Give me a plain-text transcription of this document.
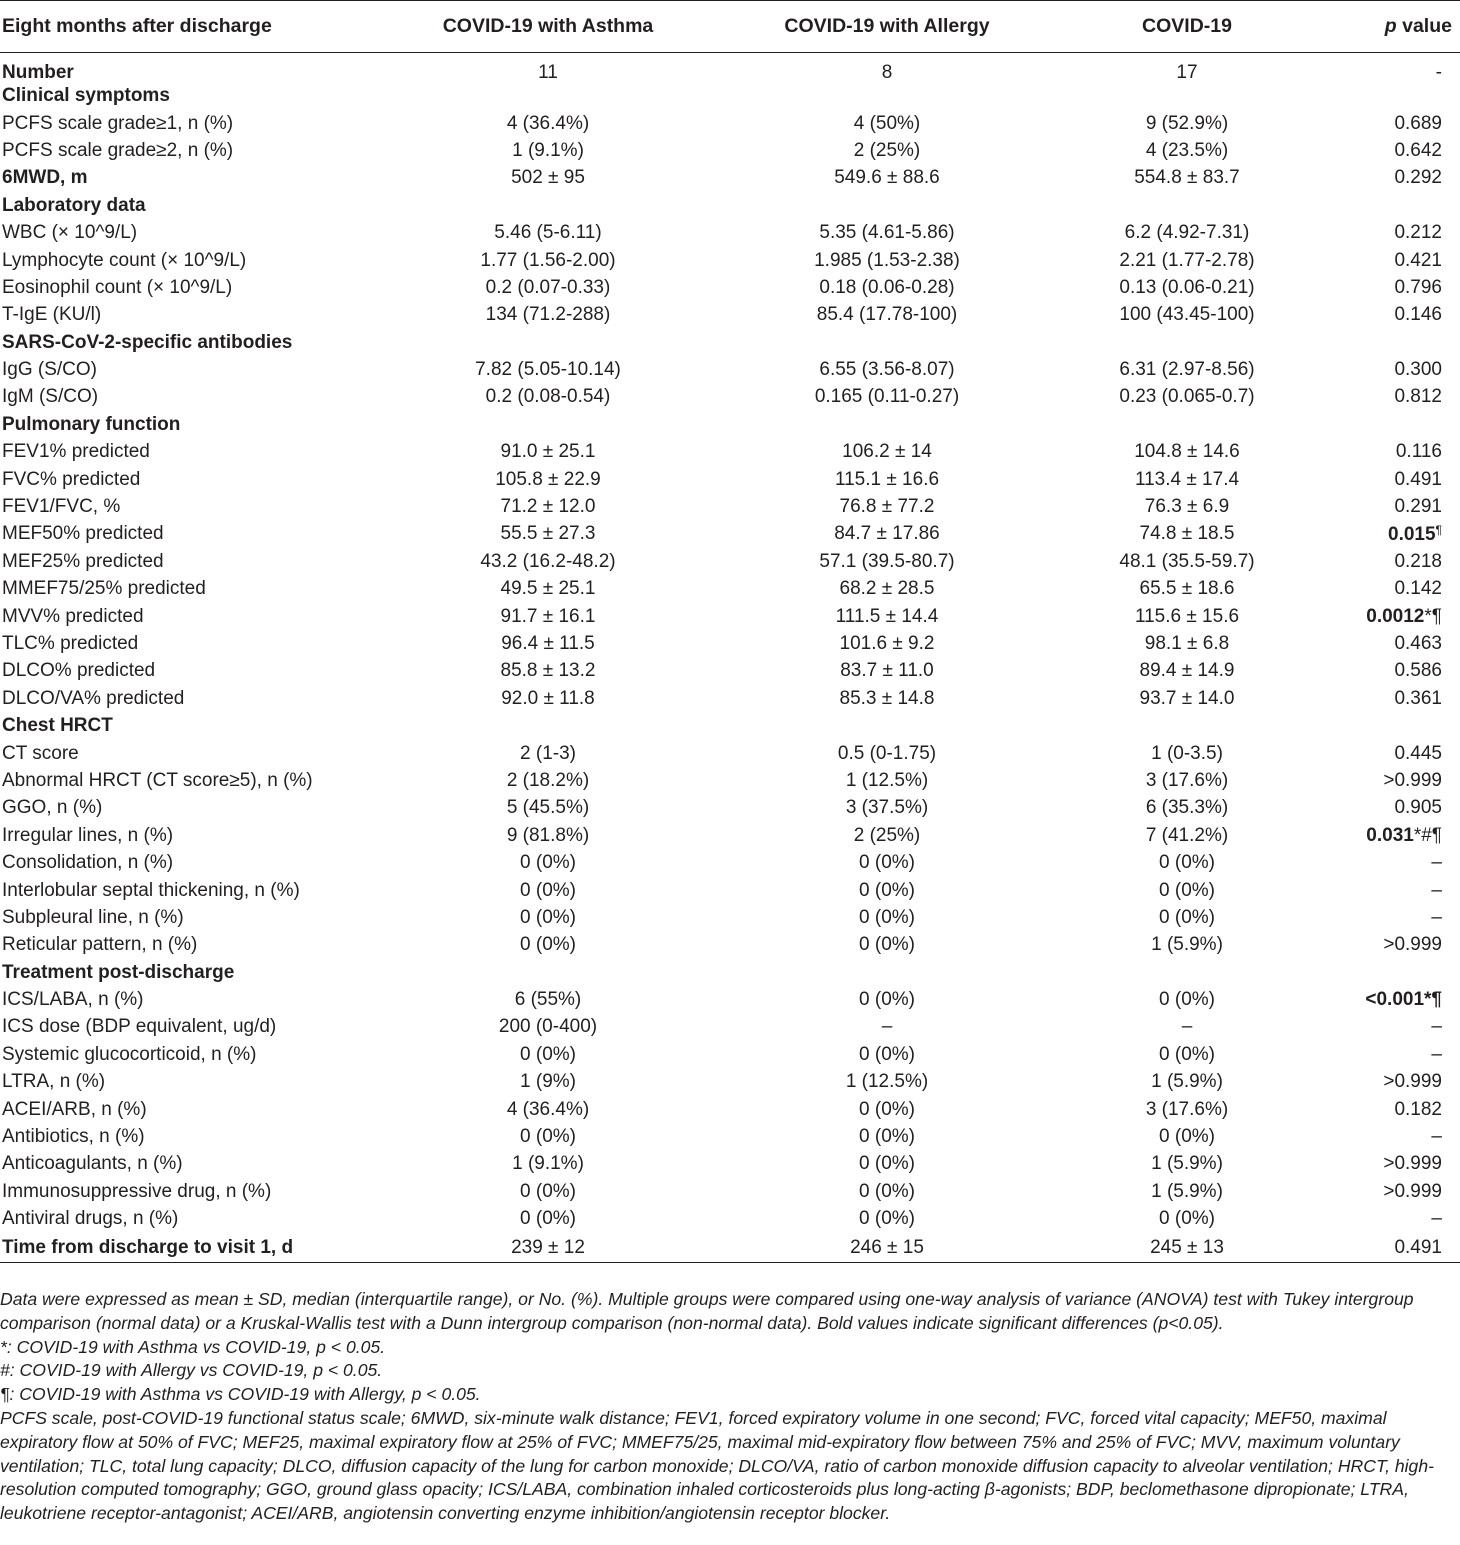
Eight months after discharge	COVID-19 with Asthma	COVID-19 with Allergy	COVID-19	p value
Number	11	8	17	-
Clinical symptoms				
PCFS scale grade≥1, n (%)	4 (36.4%)	4 (50%)	9 (52.9%)	0.689
PCFS scale grade≥2, n (%)	1 (9.1%)	2 (25%)	4 (23.5%)	0.642
6MWD, m	502 ± 95	549.6 ± 88.6	554.8 ± 83.7	0.292
Laboratory data				
WBC (× 10^9/L)	5.46 (5-6.11)	5.35 (4.61-5.86)	6.2 (4.92-7.31)	0.212
Lymphocyte count (× 10^9/L)	1.77 (1.56-2.00)	1.985 (1.53-2.38)	2.21 (1.77-2.78)	0.421
Eosinophil count (× 10^9/L)	0.2 (0.07-0.33)	0.18 (0.06-0.28)	0.13 (0.06-0.21)	0.796
T-IgE (KU/l)	134 (71.2-288)	85.4 (17.78-100)	100 (43.45-100)	0.146
SARS-CoV-2-specific antibodies				
IgG (S/CO)	7.82 (5.05-10.14)	6.55 (3.56-8.07)	6.31 (2.97-8.56)	0.300
IgM (S/CO)	0.2 (0.08-0.54)	0.165 (0.11-0.27)	0.23 (0.065-0.7)	0.812
Pulmonary function				
FEV1% predicted	91.0 ± 25.1	106.2 ± 14	104.8 ± 14.6	0.116
FVC% predicted	105.8 ± 22.9	115.1 ± 16.6	113.4 ± 17.4	0.491
FEV1/FVC, %	71.2 ± 12.0	76.8 ± 77.2	76.3 ± 6.9	0.291
MEF50% predicted	55.5 ± 27.3	84.7 ± 17.86	74.8 ± 18.5	0.015¶
MEF25% predicted	43.2 (16.2-48.2)	57.1 (39.5-80.7)	48.1 (35.5-59.7)	0.218
MMEF75/25% predicted	49.5 ± 25.1	68.2 ± 28.5	65.5 ± 18.6	0.142
MVV% predicted	91.7 ± 16.1	111.5 ± 14.4	115.6 ± 15.6	0.0012*¶
TLC% predicted	96.4 ± 11.5	101.6 ± 9.2	98.1 ± 6.8	0.463
DLCO% predicted	85.8 ± 13.2	83.7 ± 11.0	89.4 ± 14.9	0.586
DLCO/VA% predicted	92.0 ± 11.8	85.3 ± 14.8	93.7 ± 14.0	0.361
Chest HRCT				
CT score	2 (1-3)	0.5 (0-1.75)	1 (0-3.5)	0.445
Abnormal HRCT (CT score≥5), n (%)	2 (18.2%)	1 (12.5%)	3 (17.6%)	>0.999
GGO, n (%)	5 (45.5%)	3 (37.5%)	6 (35.3%)	0.905
Irregular lines, n (%)	9 (81.8%)	2 (25%)	7 (41.2%)	0.031*#¶
Consolidation, n (%)	0 (0%)	0 (0%)	0 (0%)	–
Interlobular septal thickening, n (%)	0 (0%)	0 (0%)	0 (0%)	–
Subpleural line, n (%)	0 (0%)	0 (0%)	0 (0%)	–
Reticular pattern, n (%)	0 (0%)	0 (0%)	1 (5.9%)	>0.999
Treatment post-discharge				
ICS/LABA, n (%)	6 (55%)	0 (0%)	0 (0%)	<0.001*¶
ICS dose (BDP equivalent, ug/d)	200 (0-400)	–	–	–
Systemic glucocorticoid, n (%)	0 (0%)	0 (0%)	0 (0%)	–
LTRA, n (%)	1 (9%)	1 (12.5%)	1 (5.9%)	>0.999
ACEI/ARB, n (%)	4 (36.4%)	0 (0%)	3 (17.6%)	0.182
Antibiotics, n (%)	0 (0%)	0 (0%)	0 (0%)	–
Anticoagulants, n (%)	1 (9.1%)	0 (0%)	1 (5.9%)	>0.999
Immunosuppressive drug, n (%)	0 (0%)	0 (0%)	1 (5.9%)	>0.999
Antiviral drugs, n (%)	0 (0%)	0 (0%)	0 (0%)	–
Time from discharge to visit 1, d	239 ± 12	246 ± 15	245 ± 13	0.491

Data were expressed as mean ± SD, median (interquartile range), or No. (%). Multiple groups were compared using one-way analysis of variance (ANOVA) test with Tukey intergroup comparison (normal data) or a Kruskal-Wallis test with a Dunn intergroup comparison (non-normal data). Bold values indicate significant differences (p<0.05).

*: COVID-19 with Asthma vs COVID-19, p < 0.05.

#: COVID-19 with Allergy vs COVID-19, p < 0.05.

¶: COVID-19 with Asthma vs COVID-19 with Allergy, p < 0.05.

PCFS scale, post-COVID-19 functional status scale; 6MWD, six-minute walk distance; FEV1, forced expiratory volume in one second; FVC, forced vital capacity; MEF50, maximal expiratory flow at 50% of FVC; MEF25, maximal expiratory flow at 25% of FVC; MMEF75/25, maximal mid-expiratory flow between 75% and 25% of FVC; MVV, maximum voluntary ventilation; TLC, total lung capacity; DLCO, diffusion capacity of the lung for carbon monoxide; DLCO/VA, ratio of carbon monoxide diffusion capacity to alveolar ventilation; HRCT, high-resolution computed tomography; GGO, ground glass opacity; ICS/LABA, combination inhaled corticosteroids plus long-acting β-agonists; BDP, beclomethasone dipropionate; LTRA, leukotriene receptor-antagonist; ACEI/ARB, angiotensin converting enzyme inhibition/angiotensin receptor blocker.
